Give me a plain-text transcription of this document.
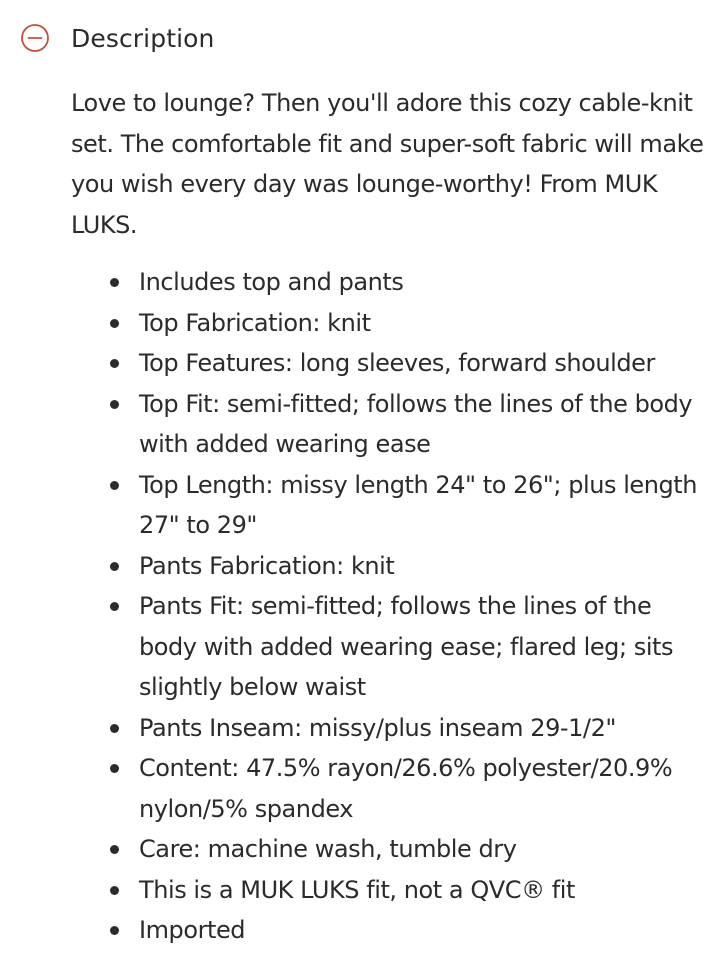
Description

Love to lounge? Then you'll adore this cozy cable-knit set. The comfortable fit and super-soft fabric will make you wish every day was lounge-worthy! From MUK LUKS.

Includes top and pants
Top Fabrication: knit
Top Features: long sleeves, forward shoulder
Top Fit: semi-fitted; follows the lines of the body with added wearing ease
Top Length: missy length 24" to 26"; plus length 27" to 29"
Pants Fabrication: knit
Pants Fit: semi-fitted; follows the lines of the body with added wearing ease; flared leg; sits slightly below waist
Pants Inseam: missy/plus inseam 29-1/2"
Content: 47.5% rayon/26.6% polyester/20.9% nylon/5% spandex
Care: machine wash, tumble dry
This is a MUK LUKS fit, not a QVC® fit
Imported
